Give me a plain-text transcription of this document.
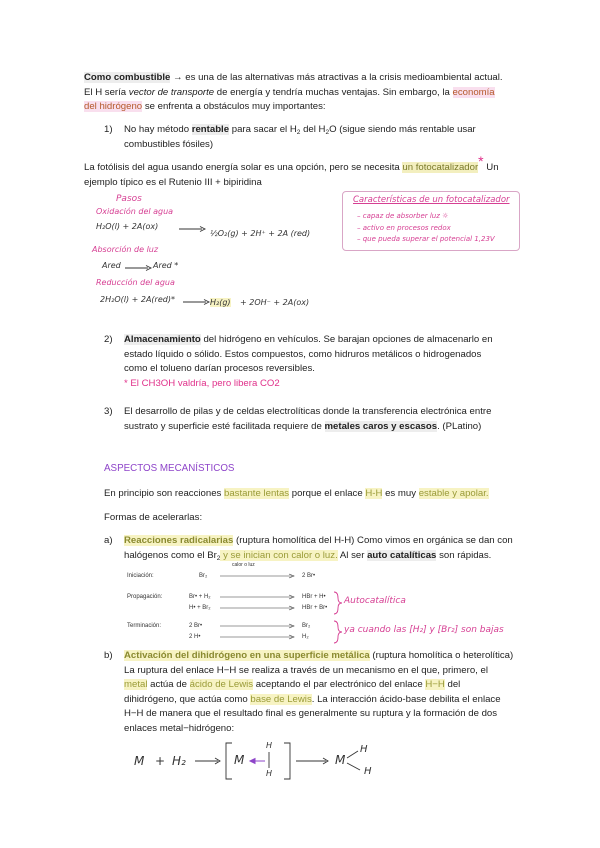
Como combustible → es una de las alternativas más atractivas a la crisis medioambiental actual.
El H sería vector de transporte de energía y tendría muchas ventajas. Sin embargo, la economía
del hidrógeno se enfrenta a obstáculos muy importantes:
1) No hay método rentable para sacar el $H_2$ del $H_2O$ (sigue siendo más rentable usar
combustibles fósiles)
La fotólisis del agua usando energía solar es una opción, pero se necesita un fotocatalizador* Un
ejemplo típico es el Rutenio III + bipiridina
Pasos
Oxidación del agua
H₂O(l) + 2A(ox)
½O₂(g) + 2H⁺ + 2A (red)
Absorción de luz
Ared	Ared *
Reducción del agua
2H₂O(l) + 2A(red)*	H₂(g) + 2OH⁻ + 2A(ox)
Características de un fotocatalizador
– capaz de absorber luz ☼
– activo en procesos redox
– que pueda superar el potencial 1,23V
2) Almacenamiento del hidrógeno en vehículos. Se barajan opciones de almacenarlo en
estado líquido o sólido. Estos compuestos, como hidruros metálicos o hidrogenados
como el tolueno darían procesos reversibles.
* El CH3OH valdría, pero libera CO2
3) El desarrollo de pilas y de celdas electrolíticas donde la transferencia electrónica entre
sustrato y superficie esté facilitada requiere de metales caros y escasos. (PLatino)
ASPECTOS MECANÍSTICOS
En principio son reacciones bastante lentas porque el enlace H-H es muy estable y apolar.
Formas de acelerarlas:
a) Reacciones radicalarias (ruptura homolítica del H-H) Como vimos en orgánica se dan con
halógenos como el $Br_2$ y se inician con calor o luz. Al ser auto catalíticas son rápidas.
Iniciación:
calor o luz
Br₂	2 Br•
Propagación:	Br• + H₂	HBr + H•
H• + Br₂	HBr + Br•
Terminación:	2 Br•	Br₂
2 H•	H₂
Autocatalítica
ya cuando las [H₂] y [Br₂] son bajas
b) Activación del dihidrógeno en una superficie metálica (ruptura homolítica o heterolítica)
La ruptura del enlace H−H se realiza a través de un mecanismo en el que, primero, el
metal actúa de ácido de Lewis aceptando el par electrónico del enlace H−H del
dihidrógeno, que actúa como base de Lewis. La interacción ácido-base debilita el enlace
H−H de manera que el resultado final es generalmente su ruptura y la formación de dos
enlaces metal−hidrógeno:
M + H₂	M
H
H
M
H
H
